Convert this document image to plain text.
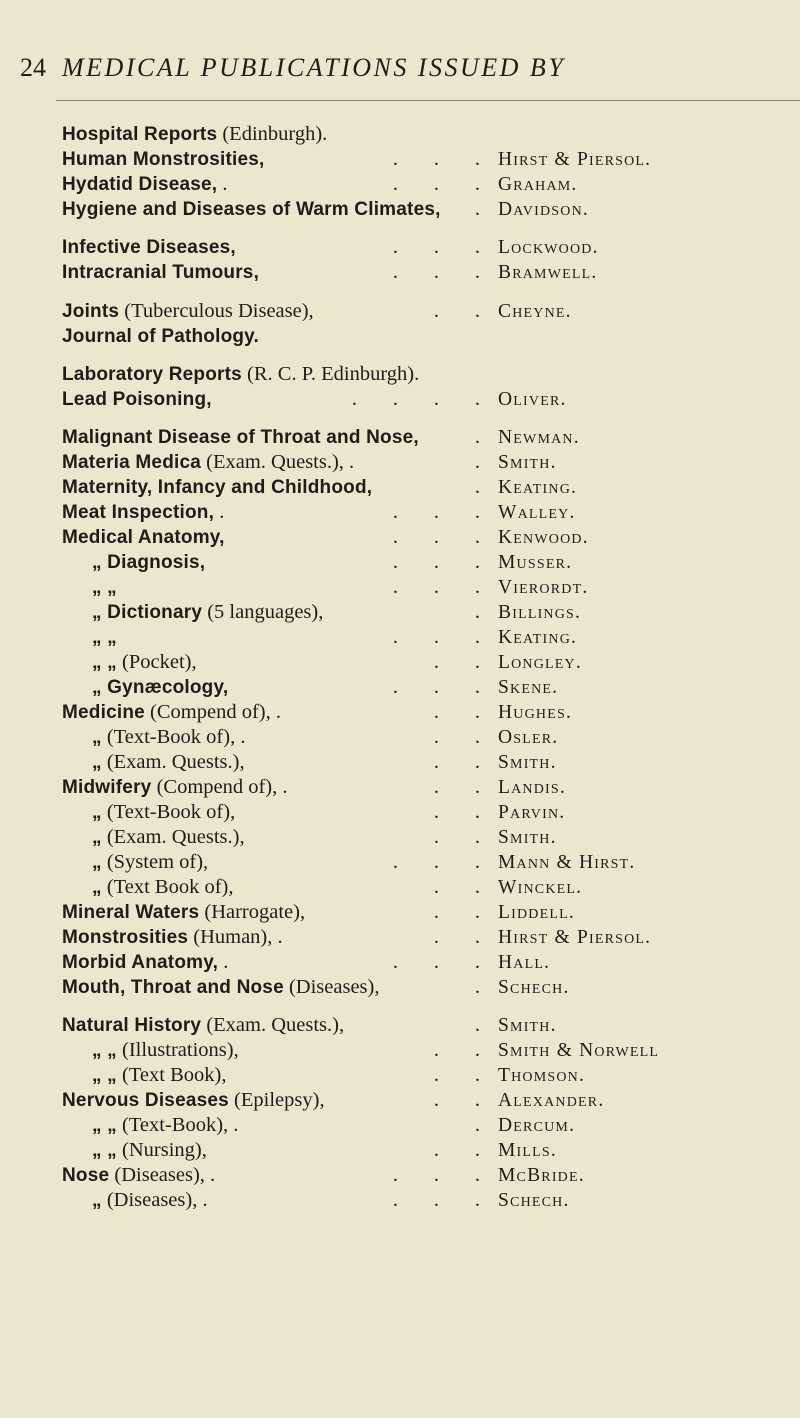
24 MEDICAL PUBLICATIONS ISSUED BY
Hospital Reports (Edinburgh).
Human Monstrosities,	.       .       . Hirst & Piersol.
Hydatid Disease, .	.       .       . Graham.
Hygiene and Diseases of Warm Climates, . Davidson.
Infective Diseases,	.       .       . Lockwood.
Intracranial Tumours,	.       .       . Bramwell.
Joints (Tuberculous Disease),	.       . Cheyne.
Journal of Pathology.
Laboratory Reports (R. C. P. Edinburgh).
Lead Poisoning,	.       .       .       . Oliver.
Malignant Disease of Throat and Nose,	. Newman.
Materia Medica (Exam. Quests.), .	. Smith.
Maternity, Infancy and Childhood,	. Keating.
Meat Inspection, .	.       .       . Walley.
Medical Anatomy,	.       .       . Kenwood.
„ Diagnosis,	.       .       . Musser.
„ „	.       .       . Vierordt.
„ Dictionary (5 languages),	. Billings.
„ „	.       .       . Keating.
„ „ (Pocket),	.       . Longley.
„ Gynæcology,	.       .       . Skene.
Medicine (Compend of), .	.       . Hughes.
„ (Text-Book of), .	.       . Osler.
„ (Exam. Quests.),	.       . Smith.
Midwifery (Compend of), .	.       . Landis.
„ (Text-Book of),	.       . Parvin.
„ (Exam. Quests.),	.       . Smith.
„ (System of),	.       .       . Mann & Hirst.
„ (Text Book of),	.       . Winckel.
Mineral Waters (Harrogate),	.       . Liddell.
Monstrosities (Human), .	.       . Hirst & Piersol.
Morbid Anatomy, .	.       .       . Hall.
Mouth, Throat and Nose (Diseases),	. Schech.
Natural History (Exam. Quests.),	. Smith.
„ „ (Illustrations),	.       . Smith & Norwell
„ „ (Text Book),	.       . Thomson.
Nervous Diseases (Epilepsy),	.       . Alexander.
„ „ (Text-Book), .	. Dercum.
„ „ (Nursing),	.       . Mills.
Nose (Diseases), .	.       .       . McBride.
„ (Diseases), .	.       .       . Schech.
